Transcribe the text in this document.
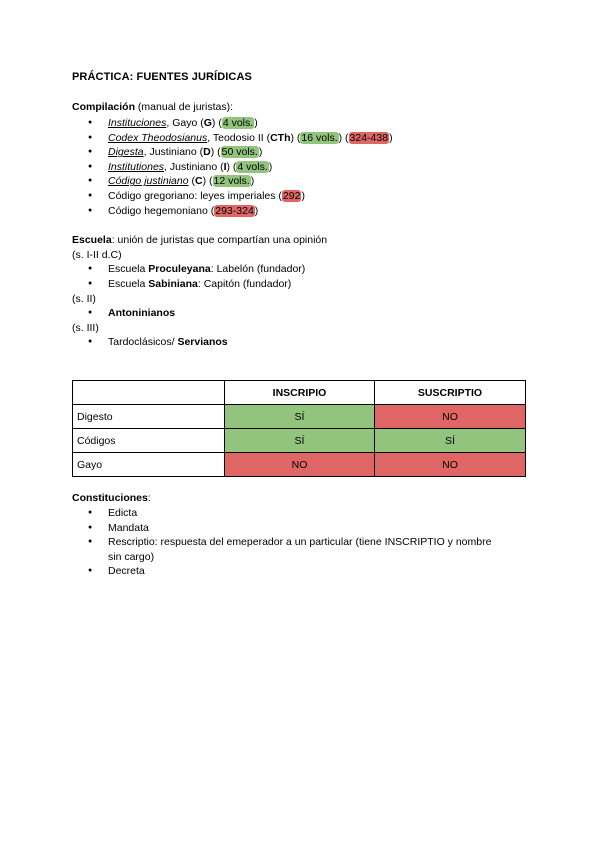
PRÁCTICA: FUENTES JURÍDICAS
Compilación (manual de juristas):
● Instituciones, Gayo (G) (4 vols.)
● Codex Theodosianus, Teodosio II (CTh) (16 vols.) (324-438)
● Digesta, Justiniano (D) (50 vols.)
● Institutiones, Justiniano (I) (4 vols.)
● Código justiniano (C) (12 vols.)
● Código gregoriano: leyes imperiales (292)
● Código hegemoniano (293-324)
Escuela: unión de juristas que compartían una opinión
(s. I-II d.C)
● Escuela Proculeyana: Labelón (fundador)
● Escuela Sabiniana: Capitón (fundador)
(s. II)
● Antoninianos
(s. III)
● Tardoclásicos/ Servianos
	INSCRIPIO	SUSCRIPTIO
Digesto	SÍ	NO
Códigos	SÍ	SÍ
Gayo	NO	NO
Constituciones:
● Edicta
● Mandata
● Rescriptio: respuesta del emeperador a un particular (tiene INSCRIPTIO y nombre
● Decreta
sin cargo)
